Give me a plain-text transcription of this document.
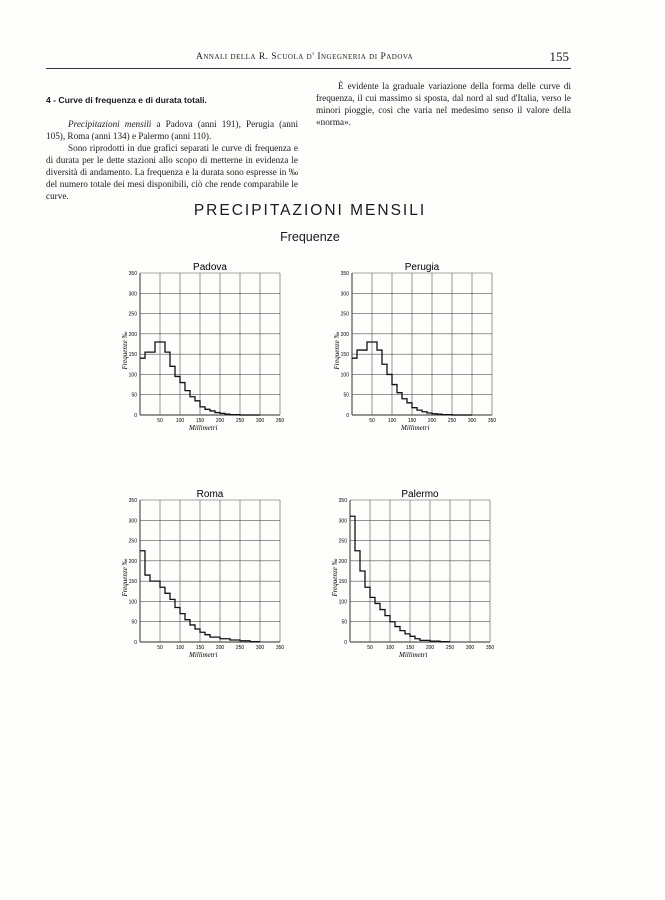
Annali della R. Scuola d' Ingegneria di Padova	155
4 - Curve di frequenza e di durata totali.

Precipitazioni mensili a Padova (anni 191), Perugia (anni 105), Roma (anni 134) e Palermo (anni 110).

Sono riprodotti in due grafici separati le curve di frequenza e di durata per le dette stazioni allo scopo di metterne in evidenza le diversità di andamento. La frequenza e la durata sono espresse in ‰ del numero totale dei mesi disponibili, ciò che rende comparabile le curve.

È evidente la graduale variazione della forma delle curve di frequenza, il cui massimo si sposta, dal nord al sud d'Italia, verso le minori pioggie, così che varia nel medesimo senso il valore della «norma».

PRECIPITAZIONI MENSILI
Frequenze
Padova
50	100 150 200 250 300 350
0
50
100
150
200
250
300
350
Millimetri
Frequenze ‰
Perugia
50	100 150 200 250 300 350
0
50
100
150
200
250
300
350
Millimetri
Frequenze ‰
Roma
50	100 150 200 250 300 350
0
50
100
150
200
250
300
350
Millimetri
Frequenze ‰
Palermo
50	100 150 200 250 300 350
0
50
100
150
200
250
300
350
Millimetri
Frequenze ‰
